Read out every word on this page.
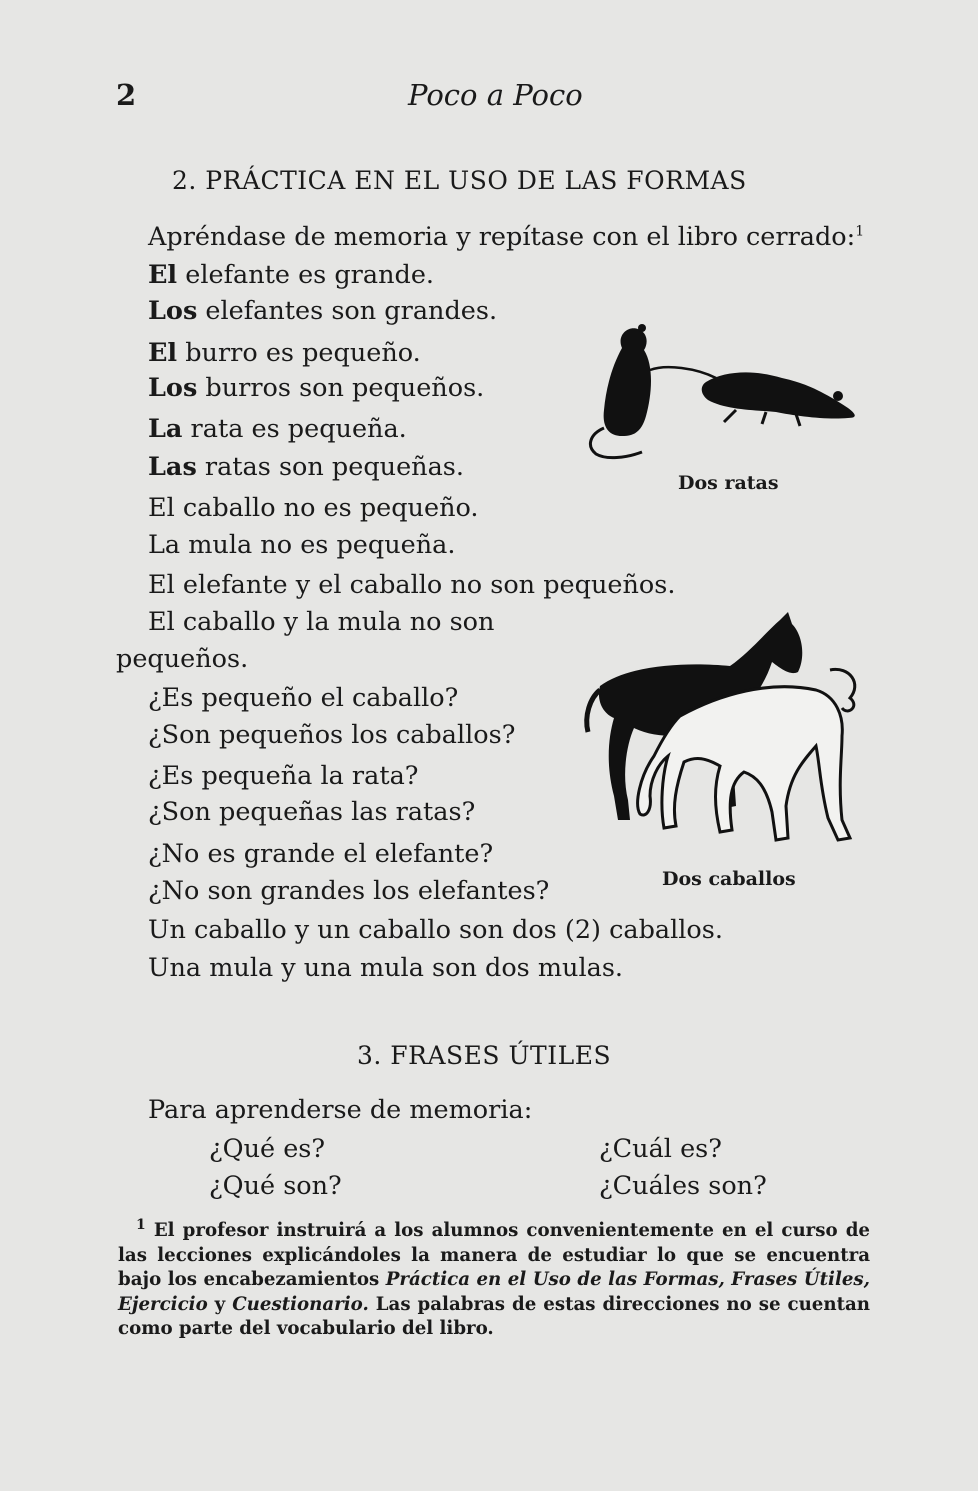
2	Poco a Poco
2. PRÁCTICA EN EL USO DE LAS FORMAS
Apréndase de memoria y repítase con el libro cerrado:$^1$
El elefante es grande.
Los elefantes son grandes.
El burro es pequeño.
Los burros son pequeños.
La rata es pequeña.
Las ratas son pequeñas.
El caballo no es pequeño.
La mula no es pequeña.
El elefante y el caballo no son pequeños.
El caballo y la mula no son
pequeños.
¿Es pequeño el caballo?
¿Son pequeños los caballos?
¿Es pequeña la rata?
¿Son pequeñas las ratas?
¿No es grande el elefante?
¿No son grandes los elefantes?
Un caballo y un caballo son dos (2) caballos.
Una mula y una mula son dos mulas.
Dos ratas
Dos caballos
3. FRASES ÚTILES
Para aprenderse de memoria:
¿Qué es?
¿Qué son?
¿Cuál es?
¿Cuáles son?
$^1$ El profesor instruirá a los alumnos convenientemente en el curso de las lecciones explicándoles la manera de estudiar lo que se encuentra bajo los encabezamientos Práctica en el Uso de las Formas, Frases Útiles, Ejercicio y Cuestionario. Las palabras de estas direcciones no se cuentan como parte del vocabulario del libro.
